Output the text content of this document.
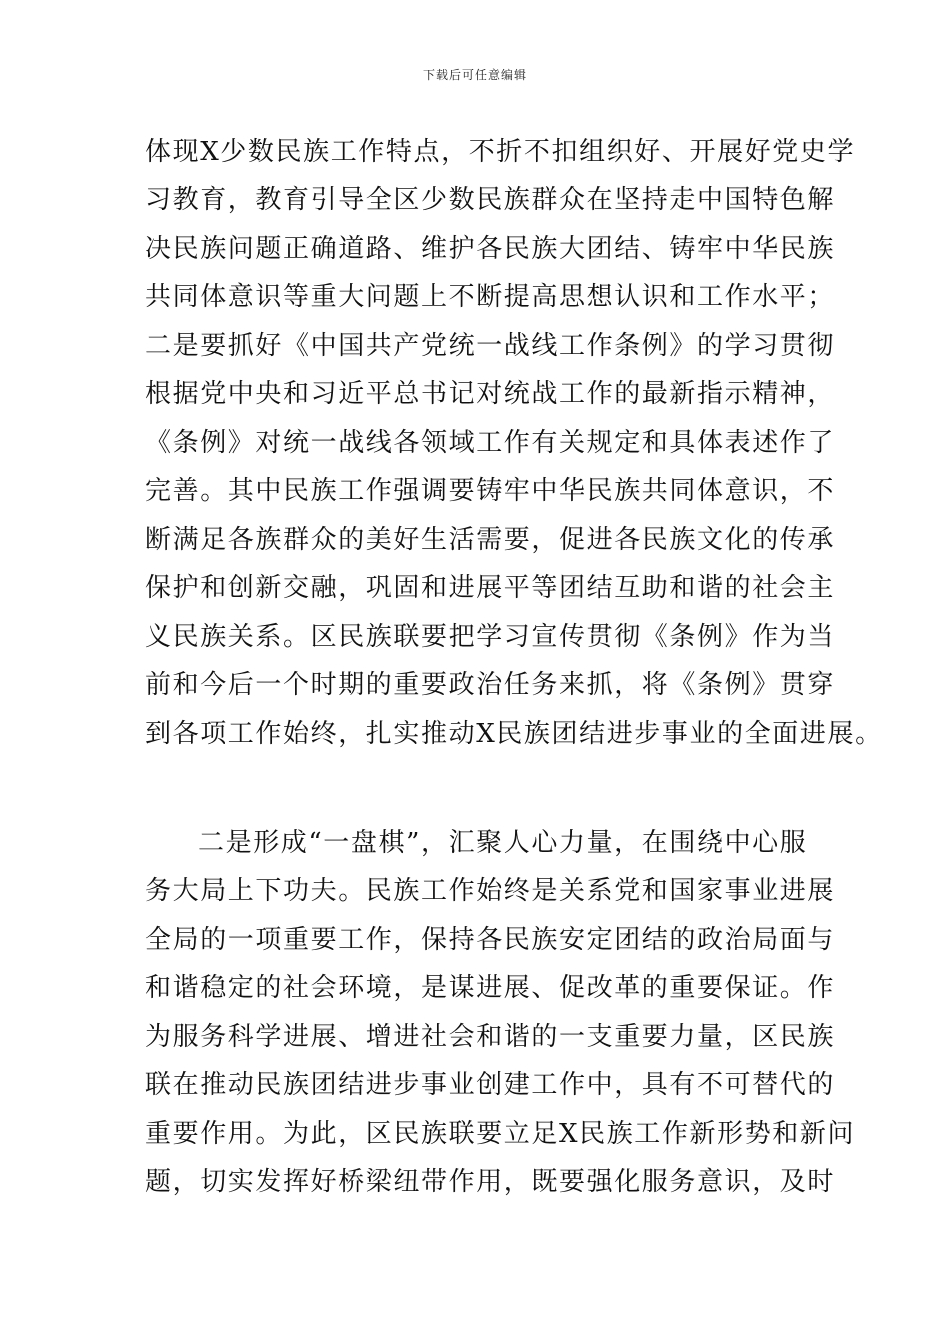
下载后可任意编辑
体现X少数民族工作特点，不折不扣组织好、开展好党史学
习教育，教育引导全区少数民族群众在坚持走中国特色解
决民族问题正确道路、维护各民族大团结、铸牢中华民族
共同体意识等重大问题上不断提高思想认识和工作水平；
二是要抓好《中国共产党统一战线工作条例》的学习贯彻
根据党中央和习近平总书记对统战工作的最新指示精神，
《条例》对统一战线各领域工作有关规定和具体表述作了
完善。其中民族工作强调要铸牢中华民族共同体意识，不
断满足各族群众的美好生活需要，促进各民族文化的传承
保护和创新交融，巩固和进展平等团结互助和谐的社会主
义民族关系。区民族联要把学习宣传贯彻《条例》作为当
前和今后一个时期的重要政治任务来抓，将《条例》贯穿
到各项工作始终，扎实推动X民族团结进步事业的全面进展。
二是形成“一盘棋”，汇聚人心力量，在围绕中心服
务大局上下功夫。民族工作始终是关系党和国家事业进展
全局的一项重要工作，保持各民族安定团结的政治局面与
和谐稳定的社会环境，是谋进展、促改革的重要保证。作
为服务科学进展、增进社会和谐的一支重要力量，区民族
联在推动民族团结进步事业创建工作中，具有不可替代的
重要作用。为此，区民族联要立足X民族工作新形势和新问
题，切实发挥好桥梁纽带作用，既要强化服务意识，及时
